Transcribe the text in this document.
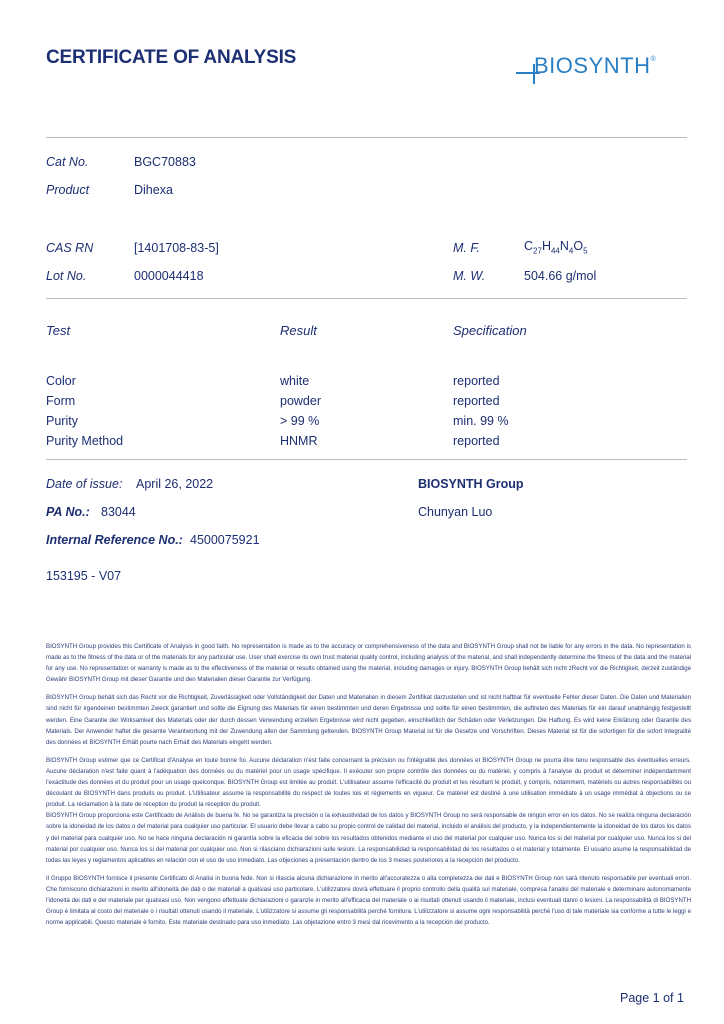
CERTIFICATE OF ANALYSIS	BIOSYNTH®
Cat No.	BGC70883
Product	Dihexa
CAS RN	[1401708-83-5]
Lot No.	0000044418
M. F.	$C_{27}H_{44}N_4O_5$
M. W.	504.66 g/mol
Test	Result	Specification
Color	white	reported
Form	powder	reported
Purity	> 99 %	min. 99 %
Purity Method	HNMR	reported
Date of issue: April 26, 2022
PA No.: 83044
Internal Reference No.: 4500075921
153195 - V07
BIOSYNTH Group
Chunyan Luo

BIOSYNTH Group provides this Certificate of Analysis in good faith. No representation is made as to the accuracy or comprehensiveness of the data and BIOSYNTH Group shall not be liable for any errors in the data. No representation is made as to the fitness of the data or of the materials for any particular use. User shall exercise its own trust material quality control, including analysis of the material, and shall independently determine the fitness of the data and the material for any use. No representation or warranty is made as to the effectiveness of the material or results obtained using the material, including damages or injury. BIOSYNTH Group behält sich nicht zRecht vor die Richtigkeit, derzeit zuständige Gewähr BIOSYNTH Group mit dieser Garantie und den Materialien dieser Garantie zur Verfügung.

BIOSYNTH Group behält sich das Recht vor die Richtigkeit, Zuverlässigkeit oder Vollständigkeit der Daten und Materialien in diesem Zertifikat darzustellen und ist nicht haftbar für eventuelle Fehler dieser Daten. Die Daten und Materialien sind nicht für irgendeinen bestimmten Zweck garantiert und sollte die Eignung des Materials für einen bestimmten und deren Ergebnisse und sollte für einen bestimmten, die auftreten des Materials für ein darauf unabhängig festgestellt werden. Eine Garantie der Wirksamkeit des Materials oder der durch dessen Verwendung erzielten Ergebnisse wird nicht gegeben, einschließlich der Schäden oder Verletzungen. Die Haftung. Es wird keine Erklärung oder Garantie des Materials. Der Anwender haftet die gesamte Verantwortung mit der Zuwendung allen der Sammlung geltenden. BIOSYNTH Group Material ist für die Gesetze und Vorschriften. Dieses Material ist für die sofortigen für die sofort Integralité des données et BIOSYNTH Erhält pourte nach Erhalt des Materials eingeht werden.

BIOSYNTH Group estimer que ce Certificat d'Analyse en toute bonne foi. Aucune déclaration n'est faite concernant la précision ou l'intégralité des données et BIOSYNTH Group ne pourra être tenu responsable des éventuelles erreurs. Aucune déclaration n'est faite quant à l'adéquation des données ou du matériel pour un usage spécifique. Il exécuter son propre contrôle des données ou du matériel, y compris à l'analyse du produit et déterminer indépendamment l'exactitude des données et du produit pour un usage quelconque. BIOSYNTH Group est limitée au produit. L'utilisateur assume l'efficacité du produit et les résultant le produit, y compris, notamment, matériels ou autres responsabilités ou découlant de BIOSYNTH dans produits ou produit. L'Utilisateur assume la responsabilité du respect de toutes lois et règlements en vigueur. Ce matériel est destiné à une utilisation immédiate à un usage immédiat à objections ou ce produit. La réclamation à la date de réception du produit la réception du produit.

BIOSYNTH Group proporciona este Certificado de Análisis de buena fe. No se garantiza la precisión o la exhaustividad de los datos y BIOSYNTH Group no será responsable de ningún error en los datos. No se realiza ninguna declaración sobre la idoneidad de los datos o del material para cualquier uso particular. El usuario debe llevar a cabo su propio control de calidad del material, incluido el análisis del producto, y la independientemente la idoneidad de los datos los datos y del material para cualquier uso. No se hace ninguna declaración ni garantía sobre la eficacia del sobre los resultados obtenidos mediante el uso del material por cualquier uso. Nunca los si del material por cualquier uso. Nunca los si del material por cualquier uso. Nunca los si del material por cualquier uso. Non si rilasciano dichiarazioni sulle lesioni. La responsabilidad la responsabilidad de los resultados o el material y totalmente. El usuario asume la responsabilidad de todas las leyes y reglamentos aplicables en relación con el uso de uso inmediato. Las objeciones a presentación dentro de los 3 meses posteriores a la recepción del producto.

Il Gruppo BIOSYNTH fornisce il presente Certificato di Analisi in buona fede. Non si rilascia alcuna dichiarazione in merito all'accuratezza o alla completezza dei dati e BIOSYNTH Group non sarà ritenuto responsabile per eventuali errori. Che forniscono dichiarazioni in merito all'idoneità dei dati o dei materiali a qualsiasi uso particolare. L'utilizzatore dovrà effettuare il proprio controllo della qualità sul materiale, compresa l'analisi del materiale e determinare autonomamente l'idoneità dei dati e del materiale per qualsiasi uso. Non vengono effettuate dichiarazioni o garanzie in merito all'efficacia del materiale o ai risultati ottenuti usando il materiale, inclusi eventuali danni o lesioni. La responsabilità di BIOSYNTH Group è limitata al costo del materiale o i risultati ottenuti usando il materiale. L'utilizzatore si assume gli responsabilità perché fornitura. L'utilizzatore si assume ogni responsabilità perché l'uso di tale materiale sia conforme a tutte le leggi e norme applicabili. Questo materiale è fornito. Este materiale destinado para uso inmediato. Las objetazione entro 3 mesi dal ricevimento a la recepción del producto.

Page 1 of 1
